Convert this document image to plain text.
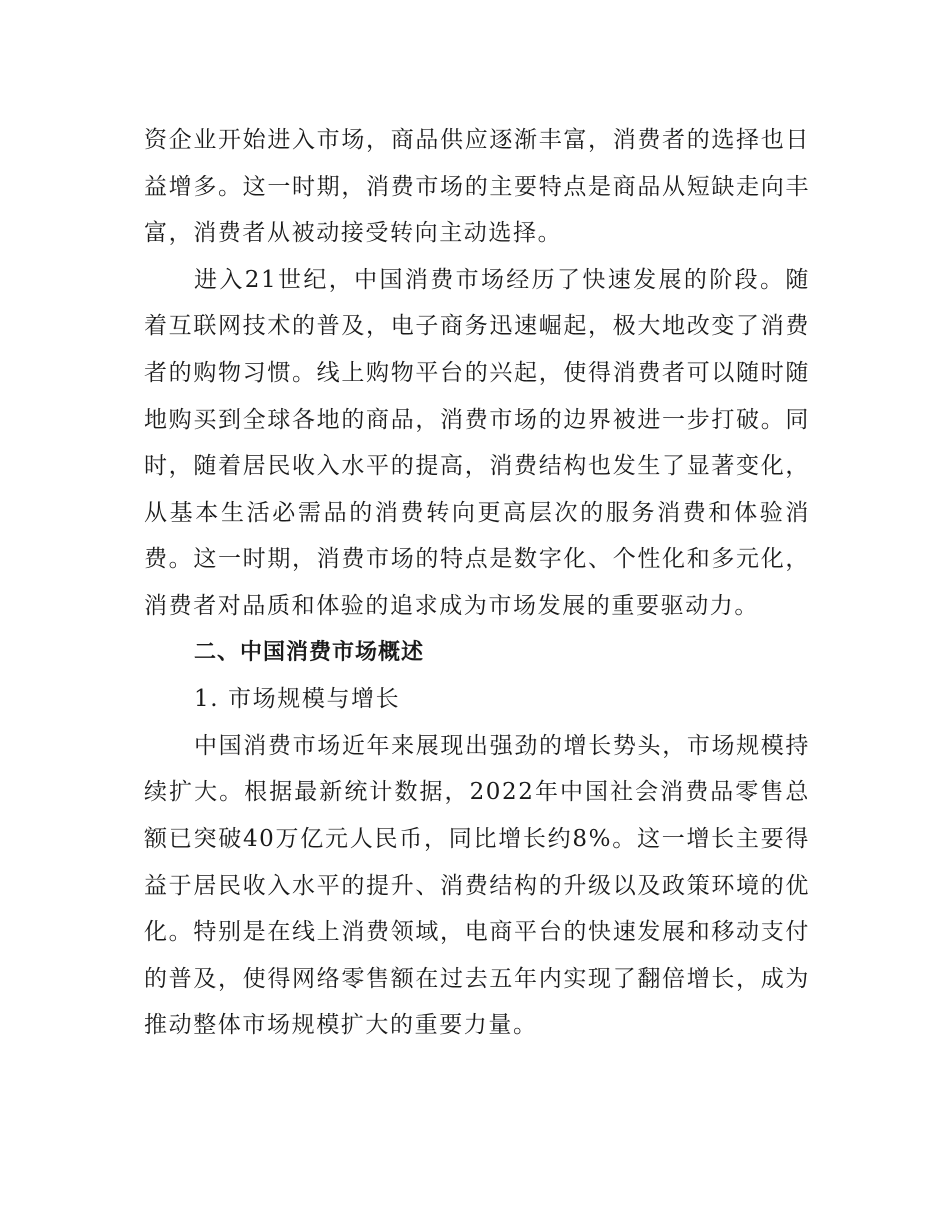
资企业开始进入市场，商品供应逐渐丰富，消费者的选择也日益增多。这一时期，消费市场的主要特点是商品从短缺走向丰富，消费者从被动接受转向主动选择。

进入21世纪，中国消费市场经历了快速发展的阶段。随着互联网技术的普及，电子商务迅速崛起，极大地改变了消费者的购物习惯。线上购物平台的兴起，使得消费者可以随时随地购买到全球各地的商品，消费市场的边界被进一步打破。同时，随着居民收入水平的提高，消费结构也发生了显著变化，从基本生活必需品的消费转向更高层次的服务消费和体验消费。这一时期，消费市场的特点是数字化、个性化和多元化，消费者对品质和体验的追求成为市场发展的重要驱动力。

二、中国消费市场概述

1. 市场规模与增长

中国消费市场近年来展现出强劲的增长势头，市场规模持续扩大。根据最新统计数据，2022年中国社会消费品零售总额已突破40万亿元人民币，同比增长约8%。这一增长主要得益于居民收入水平的提升、消费结构的升级以及政策环境的优化。特别是在线上消费领域，电商平台的快速发展和移动支付的普及，使得网络零售额在过去五年内实现了翻倍增长，成为推动整体市场规模扩大的重要力量。
